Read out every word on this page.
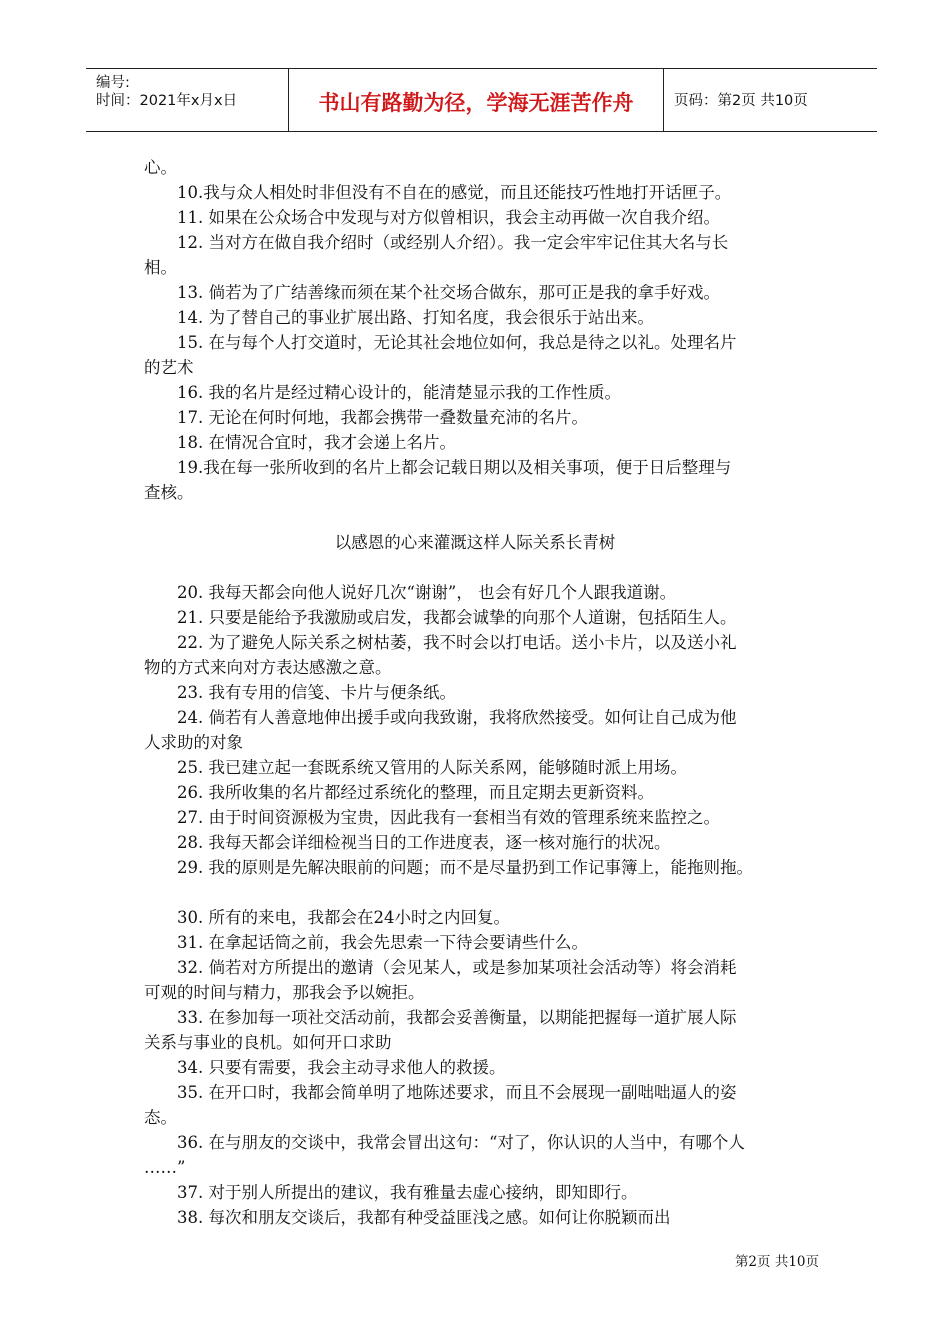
编号:
时间：2021年x月x日	书山有路勤为径，学海无涯苦作舟	页码：第2页 共10页
心。
10.我与众人相处时非但没有不自在的感觉，而且还能技巧性地打开话匣子。
11. 如果在公众场合中发现与对方似曾相识，我会主动再做一次自我介绍。
12. 当对方在做自我介绍时（或经别人介绍）。我一定会牢牢记住其大名与长
相。
13. 倘若为了广结善缘而须在某个社交场合做东，那可正是我的拿手好戏。
14. 为了替自己的事业扩展出路、打知名度，我会很乐于站出来。
15. 在与每个人打交道时，无论其社会地位如何，我总是待之以礼。处理名片
的艺术
16. 我的名片是经过精心设计的，能清楚显示我的工作性质。
17. 无论在何时何地，我都会携带一叠数量充沛的名片。
18. 在情况合宜时，我才会递上名片。
19.我在每一张所收到的名片上都会记载日期以及相关事项，便于日后整理与
查核。
以感恩的心来灌溉这样人际关系长青树
20. 我每天都会向他人说好几次“谢谢”， 也会有好几个人跟我道谢。
21. 只要是能给予我激励或启发，我都会诚挚的向那个人道谢，包括陌生人。
22. 为了避免人际关系之树枯萎，我不时会以打电话。送小卡片，以及送小礼
物的方式来向对方表达感激之意。
23. 我有专用的信笺、卡片与便条纸。
24. 倘若有人善意地伸出援手或向我致谢，我将欣然接受。如何让自己成为他
人求助的对象
25. 我已建立起一套既系统又管用的人际关系网，能够随时派上用场。
26. 我所收集的名片都经过系统化的整理，而且定期去更新资料。
27. 由于时间资源极为宝贵，因此我有一套相当有效的管理系统来监控之。
28. 我每天都会详细检视当日的工作进度表，逐一核对施行的状况。
29. 我的原则是先解决眼前的问题；而不是尽量扔到工作记事簿上，能拖则拖。
30. 所有的来电，我都会在24小时之内回复。
31. 在拿起话筒之前，我会先思索一下待会要请些什么。
32. 倘若对方所提出的邀请（会见某人，或是参加某项社会活动等）将会消耗
可观的时间与精力，那我会予以婉拒。
33. 在参加每一项社交活动前，我都会妥善衡量，以期能把握每一道扩展人际
关系与事业的良机。如何开口求助
34. 只要有需要，我会主动寻求他人的救援。
35. 在开口时，我都会简单明了地陈述要求，而且不会展现一副咄咄逼人的姿
态。
36. 在与朋友的交谈中，我常会冒出这句：“对了，你认识的人当中，有哪个人
……”
37. 对于别人所提出的建议，我有雅量去虚心接纳，即知即行。
38. 每次和朋友交谈后，我都有种受益匪浅之感。如何让你脱颖而出
第2页 共10页
